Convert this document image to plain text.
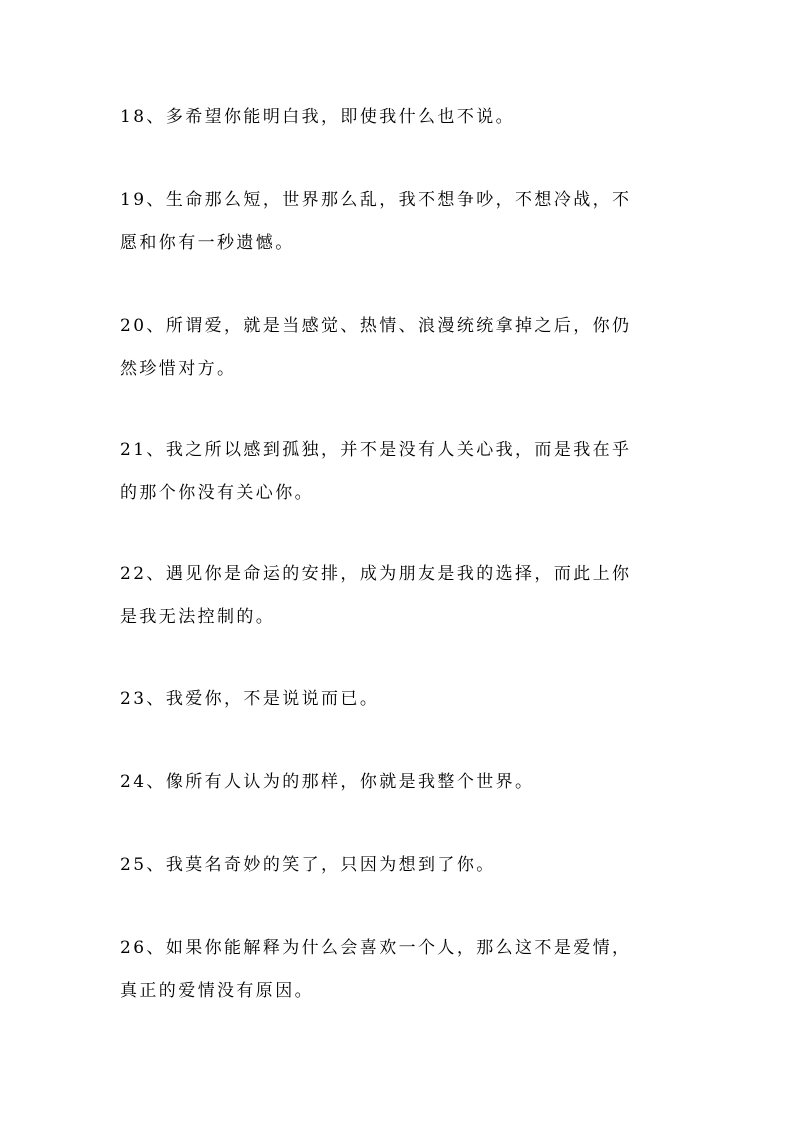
18、多希望你能明白我，即使我什么也不说。
19、生命那么短，世界那么乱，我不想争吵，不想冷战，不
愿和你有一秒遗憾。
20、所谓爱，就是当感觉、热情、浪漫统统拿掉之后，你仍
然珍惜对方。
21、我之所以感到孤独，并不是没有人关心我，而是我在乎
的那个你没有关心你。
22、遇见你是命运的安排，成为朋友是我的选择，而此上你
是我无法控制的。
23、我爱你，不是说说而已。
24、像所有人认为的那样，你就是我整个世界。
25、我莫名奇妙的笑了，只因为想到了你。
26、如果你能解释为什么会喜欢一个人，那么这不是爱情，
真正的爱情没有原因。
